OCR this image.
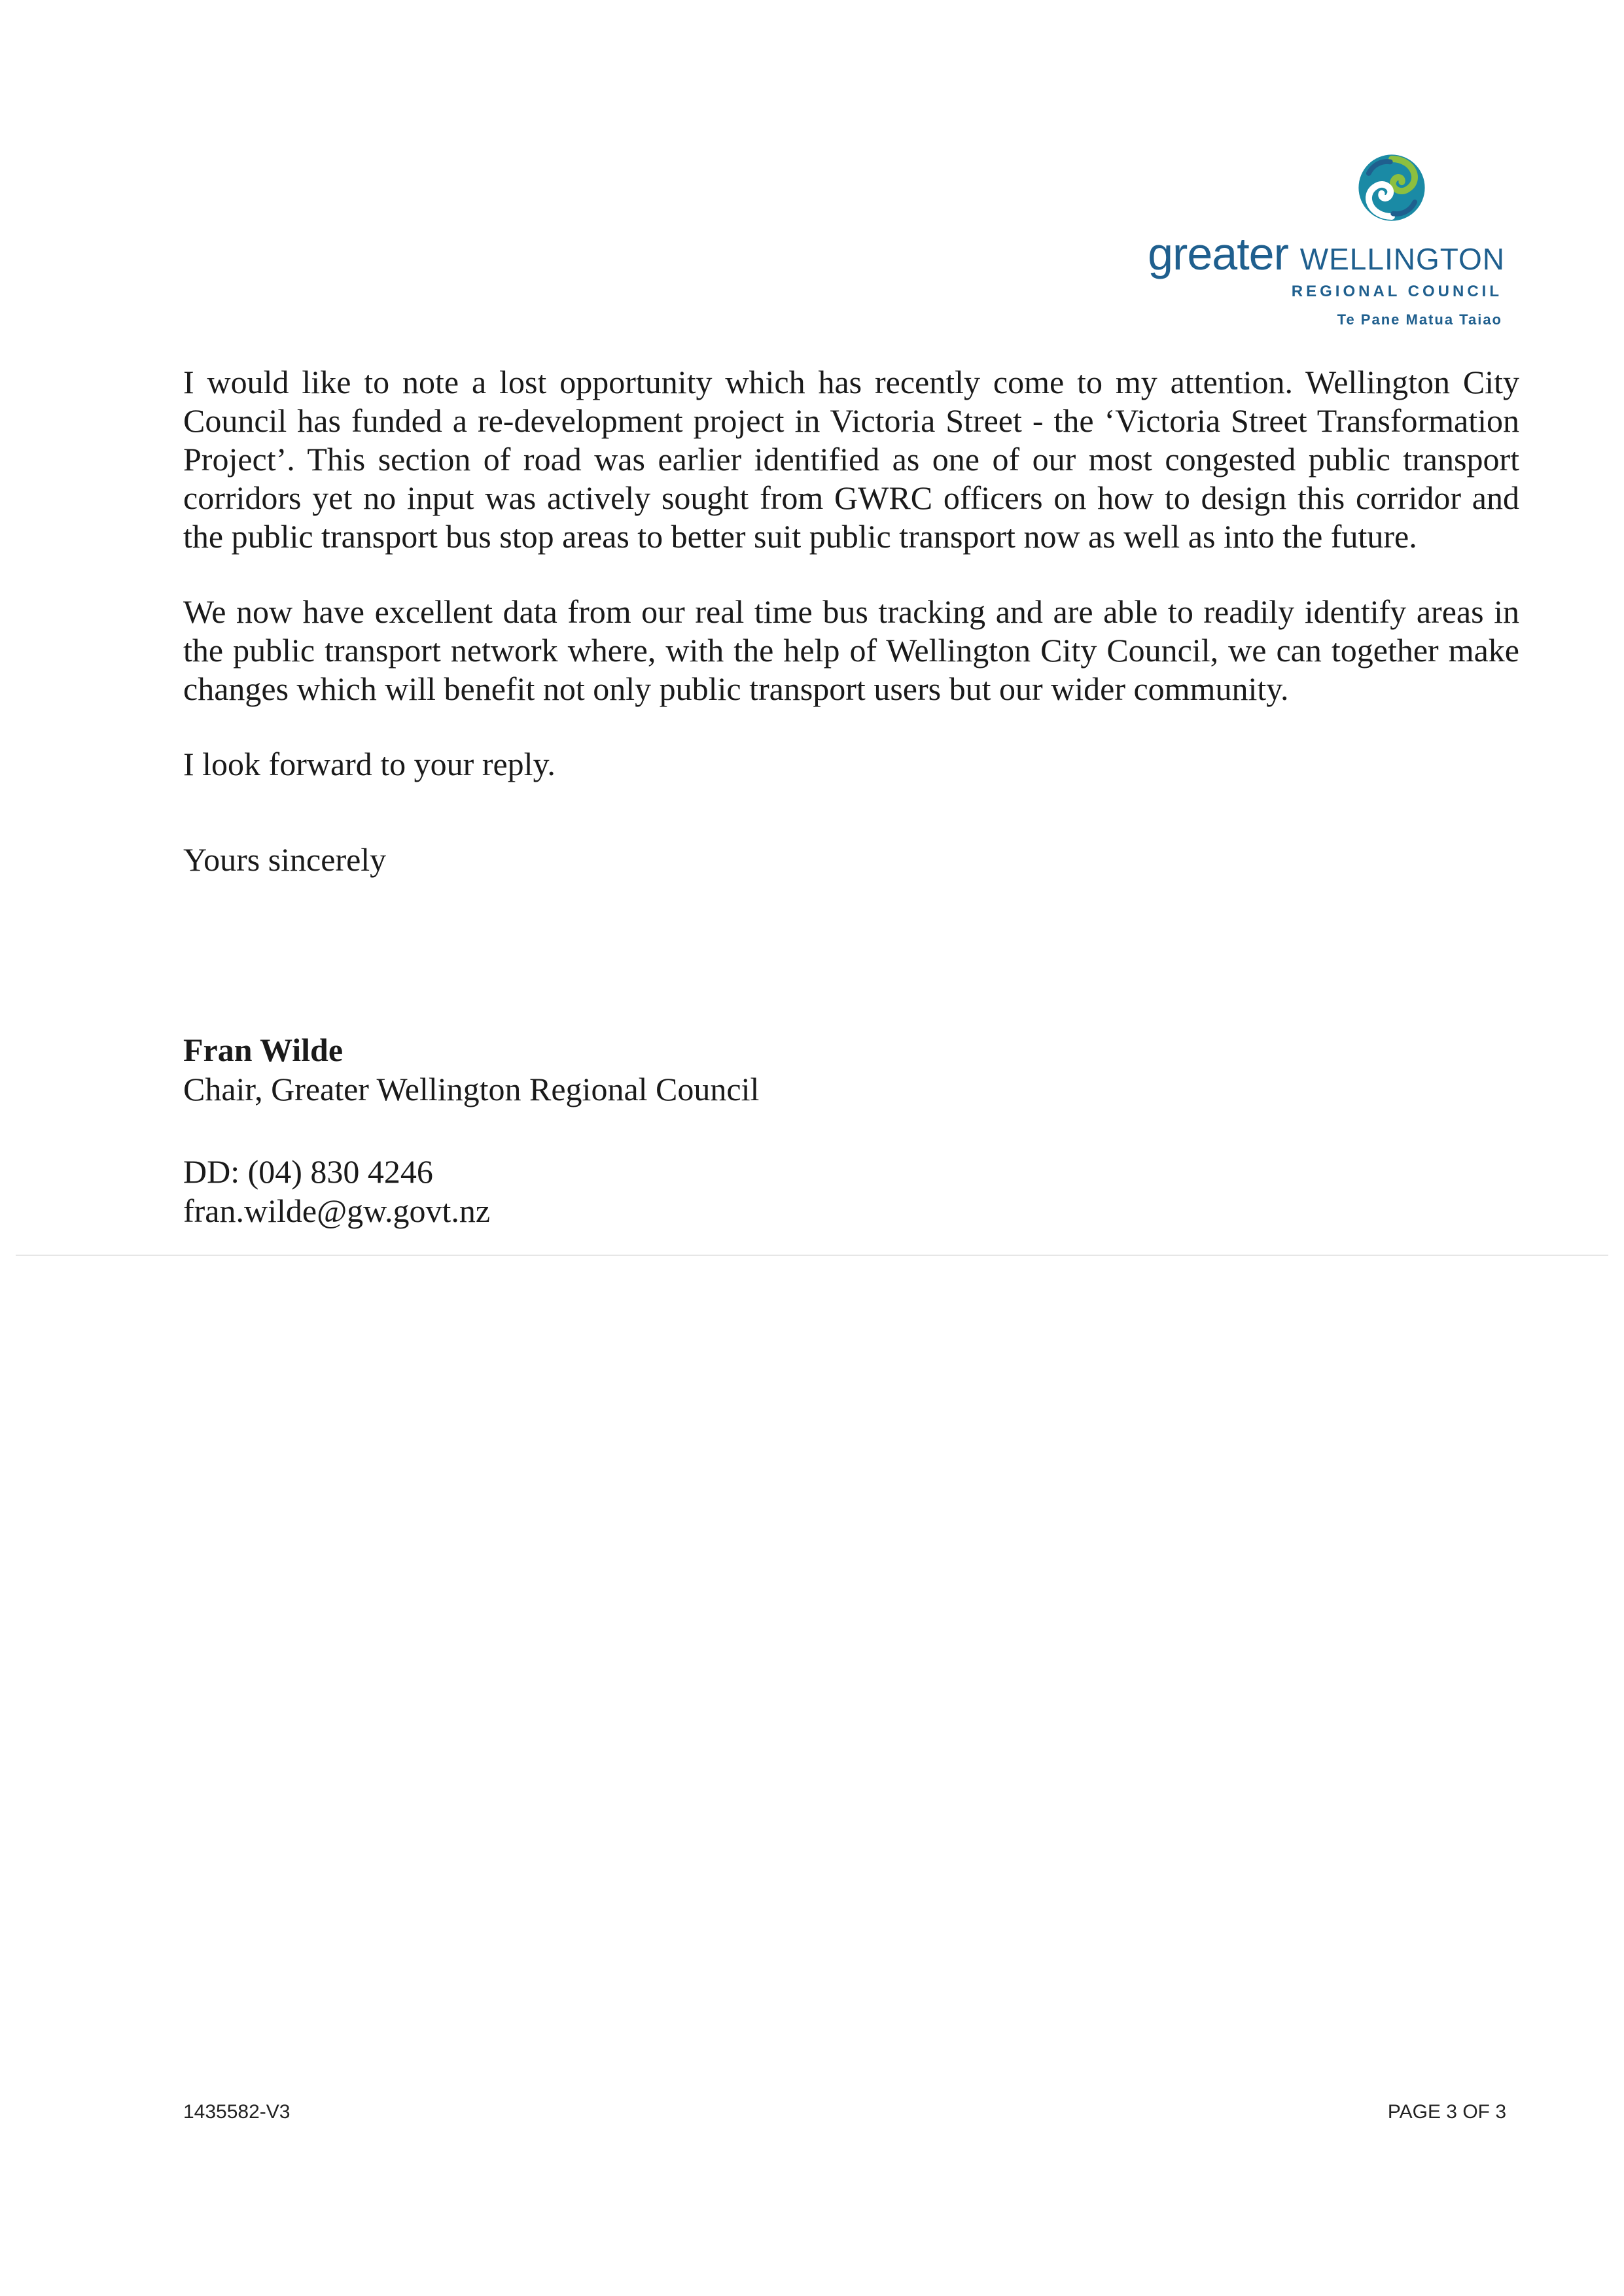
greater WELLINGTON
REGIONAL COUNCIL
Te Pane Matua Taiao

I would like to note a lost opportunity which has recently come to my attention. Wellington City Council has funded a re-development project in Victoria Street - the ‘Victoria Street Transformation Project’. This section of road was earlier identified as one of our most congested public transport corridors yet no input was actively sought from GWRC officers on how to design this corridor and the public transport bus stop areas to better suit public transport now as well as into the future.

We now have excellent data from our real time bus tracking and are able to readily identify areas in the public transport network where, with the help of Wellington City Council, we can together make changes which will benefit not only public transport users but our wider community.

I look forward to your reply.

Yours sincerely
Fran Wilde
Chair, Greater Wellington Regional Council
DD: (04) 830 4246
fran.wilde@gw.govt.nz
1435582-V3	PAGE 3 OF 3
